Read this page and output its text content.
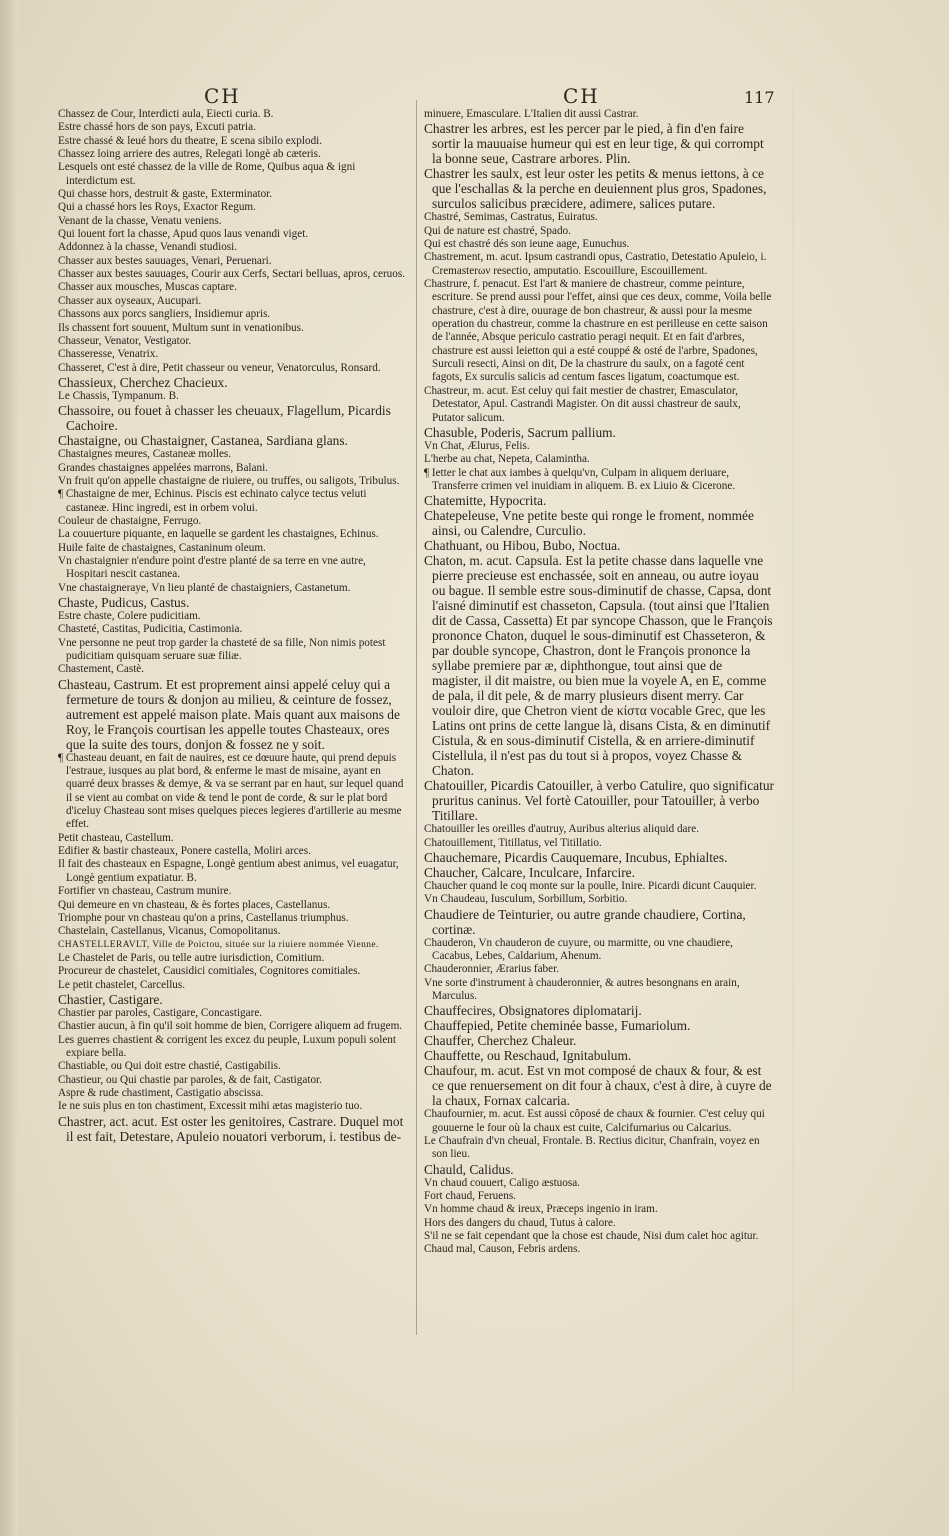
CH	CH	117

Chassez de Cour, Interdicti aula, Eiecti curia. B.

Estre chassé hors de son pays, Excuti patria.

Estre chassé & leué hors du theatre, E scena sibilo explodi.

Chassez loing arriere des autres, Relegati longè ab cæteris.

Lesquels ont esté chassez de la ville de Rome, Quibus aqua & igni interdictum est.

Qui chasse hors, destruit & gaste, Exterminator.

Qui a chassé hors les Roys, Exactor Regum.

Venant de la chasse, Venatu veniens.

Qui louent fort la chasse, Apud quos laus venandi viget.

Addonnez à la chasse, Venandi studiosi.

Chasser aux bestes sauuages, Venari, Peruenari.

Chasser aux bestes sauuages, Courir aux Cerfs, Sectari belluas, apros, ceruos.

Chasser aux mousches, Muscas captare.

Chasser aux oyseaux, Aucupari.

Chassons aux porcs sangliers, Insidiemur apris.

Ils chassent fort souuent, Multum sunt in venationibus.

Chasseur, Venator, Vestigator.

Chasseresse, Venatrix.

Chasseret, C'est à dire, Petit chasseur ou veneur, Venatorculus, Ronsard.

Chassieux, Cherchez Chacieux.

Le Chassis, Tympanum. B.

Chassoire, ou fouet à chasser les cheuaux, Flagellum, Picardis Cachoire.

Chastaigne, ou Chastaigner, Castanea, Sardiana glans.

Chastaignes meures, Castaneæ molles.

Grandes chastaignes appelées marrons, Balani.

Vn fruit qu'on appelle chastaigne de riuiere, ou truffes, ou saligots, Tribulus.

¶ Chastaigne de mer, Echinus. Piscis est echinato calyce tectus veluti castaneæ. Hinc ingredi, est in orbem volui.

Couleur de chastaigne, Ferrugo.

La couuerture piquante, en laquelle se gardent les chastaignes, Echinus.

Huile faite de chastaignes, Castaninum oleum.

Vn chastaignier n'endure point d'estre planté de sa terre en vne autre, Hospitari nescit castanea.

Vne chastaigneraye, Vn lieu planté de chastaigniers, Castanetum.

Chaste, Pudicus, Castus.

Estre chaste, Colere pudicitiam.

Chasteté, Castitas, Pudicitia, Castimonia.

Vne personne ne peut trop garder la chasteté de sa fille, Non nimis potest pudicitiam quisquam seruare suæ filiæ.

Chastement, Castè.

Chasteau, Castrum. Et est proprement ainsi appelé celuy qui a fermeture de tours & donjon au milieu, & ceinture de fossez, autrement est appelé maison plate. Mais quant aux maisons de Roy, le François courtisan les appelle toutes Chasteaux, ores que la suite des tours, donjon & fossez ne y soit.

¶ Chasteau deuant, en fait de nauires, est ce dœuure haute, qui prend depuis l'estraue, iusques au plat bord, & enferme le mast de misaine, ayant en quarré deux brasses & demye, & va se serrant par en haut, sur lequel quand il se vient au combat on vide & tend le pont de corde, & sur le plat bord d'iceluy Chasteau sont mises quelques pieces legieres d'artillerie au mesme effet.

Petit chasteau, Castellum.

Edifier & bastir chasteaux, Ponere castella, Moliri arces.

Il fait des chasteaux en Espagne, Longè gentium abest animus, vel euagatur, Longè gentium expatiatur. B.

Fortifier vn chasteau, Castrum munire.

Qui demeure en vn chasteau, & ès fortes places, Castellanus.

Triomphe pour vn chasteau qu'on a prins, Castellanus triumphus.

Chastelain, Castellanus, Vicanus, Comopolitanus.

CHASTELLERAVLT, Ville de Poictou, située sur la riuiere nommée Vienne.

Le Chastelet de Paris, ou telle autre iurisdiction, Comitium.

Procureur de chastelet, Causidici comitiales, Cognitores comitiales.

Le petit chastelet, Carcellus.

Chastier, Castigare.

Chastier par paroles, Castigare, Concastigare.

Chastier aucun, à fin qu'il soit homme de bien, Corrigere aliquem ad frugem.

Les guerres chastient & corrigent les excez du peuple, Luxum populi solent expiare bella.

Chastiable, ou Qui doit estre chastié, Castigabilis.

Chastieur, ou Qui chastie par paroles, & de fait, Castigator.

Aspre & rude chastiment, Castigatio abscissa.

Ie ne suis plus en ton chastiment, Excessit mihi ætas magisterio tuo.

Chastrer, act. acut. Est oster les genitoires, Castrare. Duquel mot il est fait, Detestare, Apuleio nouatori verborum, i. testibus de-

minuere, Emasculare. L'Italien dit aussi Castrar.

Chastrer les arbres, est les percer par le pied, à fin d'en faire sortir la mauuaise humeur qui est en leur tige, & qui corrompt la bonne seue, Castrare arbores. Plin.

Chastrer les saulx, est leur oster les petits & menus iettons, à ce que l'eschallas & la perche en deuiennent plus gros, Spadones, surculos salicibus præcidere, adimere, salices putare.

Chastré, Semimas, Castratus, Euiratus.

Qui de nature est chastré, Spado.

Qui est chastré dés son ieune aage, Eunuchus.

Chastrement, m. acut. Ipsum castrandi opus, Castratio, Detestatio Apuleio, i. Cremasterων resectio, amputatio. Escouillure, Escouillement.

Chastrure, f. penacut. Est l'art & maniere de chastreur, comme peinture, escriture. Se prend aussi pour l'effet, ainsi que ces deux, comme, Voila belle chastrure, c'est à dire, ouurage de bon chastreur, & aussi pour la mesme operation du chastreur, comme la chastrure en est perilleuse en cette saison de l'année, Absque periculo castratio peragi nequit. Et en fait d'arbres, chastrure est aussi leietton qui a esté couppé & osté de l'arbre, Spadones, Surculi resecti, Ainsi on dit, De la chastrure du saulx, on a fagoté cent fagots, Ex surculis salicis ad centum fasces ligatum, coactumque est.

Chastreur, m. acut. Est celuy qui fait mestier de chastrer, Emasculator, Detestator, Apul. Castrandi Magister. On dit aussi chastreur de saulx, Putator salicum.

Chasuble, Poderis, Sacrum pallium.

Vn Chat, Ælurus, Felis.

L'herbe au chat, Nepeta, Calamintha.

¶ Ietter le chat aux iambes à quelqu'vn, Culpam in aliquem deriuare, Transferre crimen vel inuidiam in aliquem. B. ex Liuio & Cicerone.

Chatemitte, Hypocrita.

Chatepeleuse, Vne petite beste qui ronge le froment, nommée ainsi, ou Calendre, Curculio.

Chathuant, ou Hibou, Bubo, Noctua.

Chaton, m. acut. Capsula. Est la petite chasse dans laquelle vne pierre precieuse est enchassée, soit en anneau, ou autre ioyau ou bague. Il semble estre sous-diminutif de chasse, Capsa, dont l'aisné diminutif est chasseton, Capsula. (tout ainsi que l'Italien dit de Cassa, Cassetta) Et par syncope Chasson, que le François prononce Chaton, duquel le sous-diminutif est Chasseteron, & par double syncope, Chastron, dont le François prononce la syllabe premiere par æ, diphthongue, tout ainsi que de magister, il dit maistre, ou bien mue la voyele A, en E, comme de pala, il dit pele, & de marry plusieurs disent merry. Car vouloir dire, que Chetron vient de κίστα vocable Grec, que les Latins ont prins de cette langue là, disans Cista, & en diminutif Cistula, & en sous-diminutif Cistella, & en arriere-diminutif Cistellula, il n'est pas du tout si à propos, voyez Chasse & Chaton.

Chatouiller, Picardis Catouiller, à verbo Catulire, quo significatur pruritus caninus. Vel fortè Catouiller, pour Tatouiller, à verbo Titillare.

Chatouiller les oreilles d'autruy, Auribus alterius aliquid dare.

Chatouillement, Titillatus, vel Titillatio.

Chauchemare, Picardis Cauquemare, Incubus, Ephialtes.

Chaucher, Calcare, Inculcare, Infarcire.

Chaucher quand le coq monte sur la poulle, Inire. Picardi dicunt Cauquier.

Vn Chaudeau, Iusculum, Sorbillum, Sorbitio.

Chaudiere de Teinturier, ou autre grande chaudiere, Cortina, cortinæ.

Chauderon, Vn chauderon de cuyure, ou marmitte, ou vne chaudiere, Cacabus, Lebes, Caldarium, Ahenum.

Chauderonnier, Ærarius faber.

Vne sorte d'instrument à chauderonnier, & autres besongnans en arain, Marculus.

Chauffecires, Obsignatores diplomatarij.

Chauffepied, Petite cheminée basse, Fumariolum.

Chauffer, Cherchez Chaleur.

Chauffette, ou Reschaud, Ignitabulum.

Chaufour, m. acut. Est vn mot composé de chaux & four, & est ce que renuersement on dit four à chaux, c'est à dire, à cuyre de la chaux, Fornax calcaria.

Chaufournier, m. acut. Est aussi côposé de chaux & fournier. C'est celuy qui gouuerne le four où la chaux est cuite, Calcifurnarius ou Calcarius.

Le Chaufrain d'vn cheual, Frontale. B. Rectius dicitur, Chanfrain, voyez en son lieu.

Chauld, Calidus.

Vn chaud couuert, Caligo æstuosa.

Fort chaud, Feruens.

Vn homme chaud & ireux, Præceps ingenio in iram.

Hors des dangers du chaud, Tutus à calore.

S'il ne se fait cependant que la chose est chaude, Nisi dum calet hoc agitur.

Chaud mal, Causon, Febris ardens.
